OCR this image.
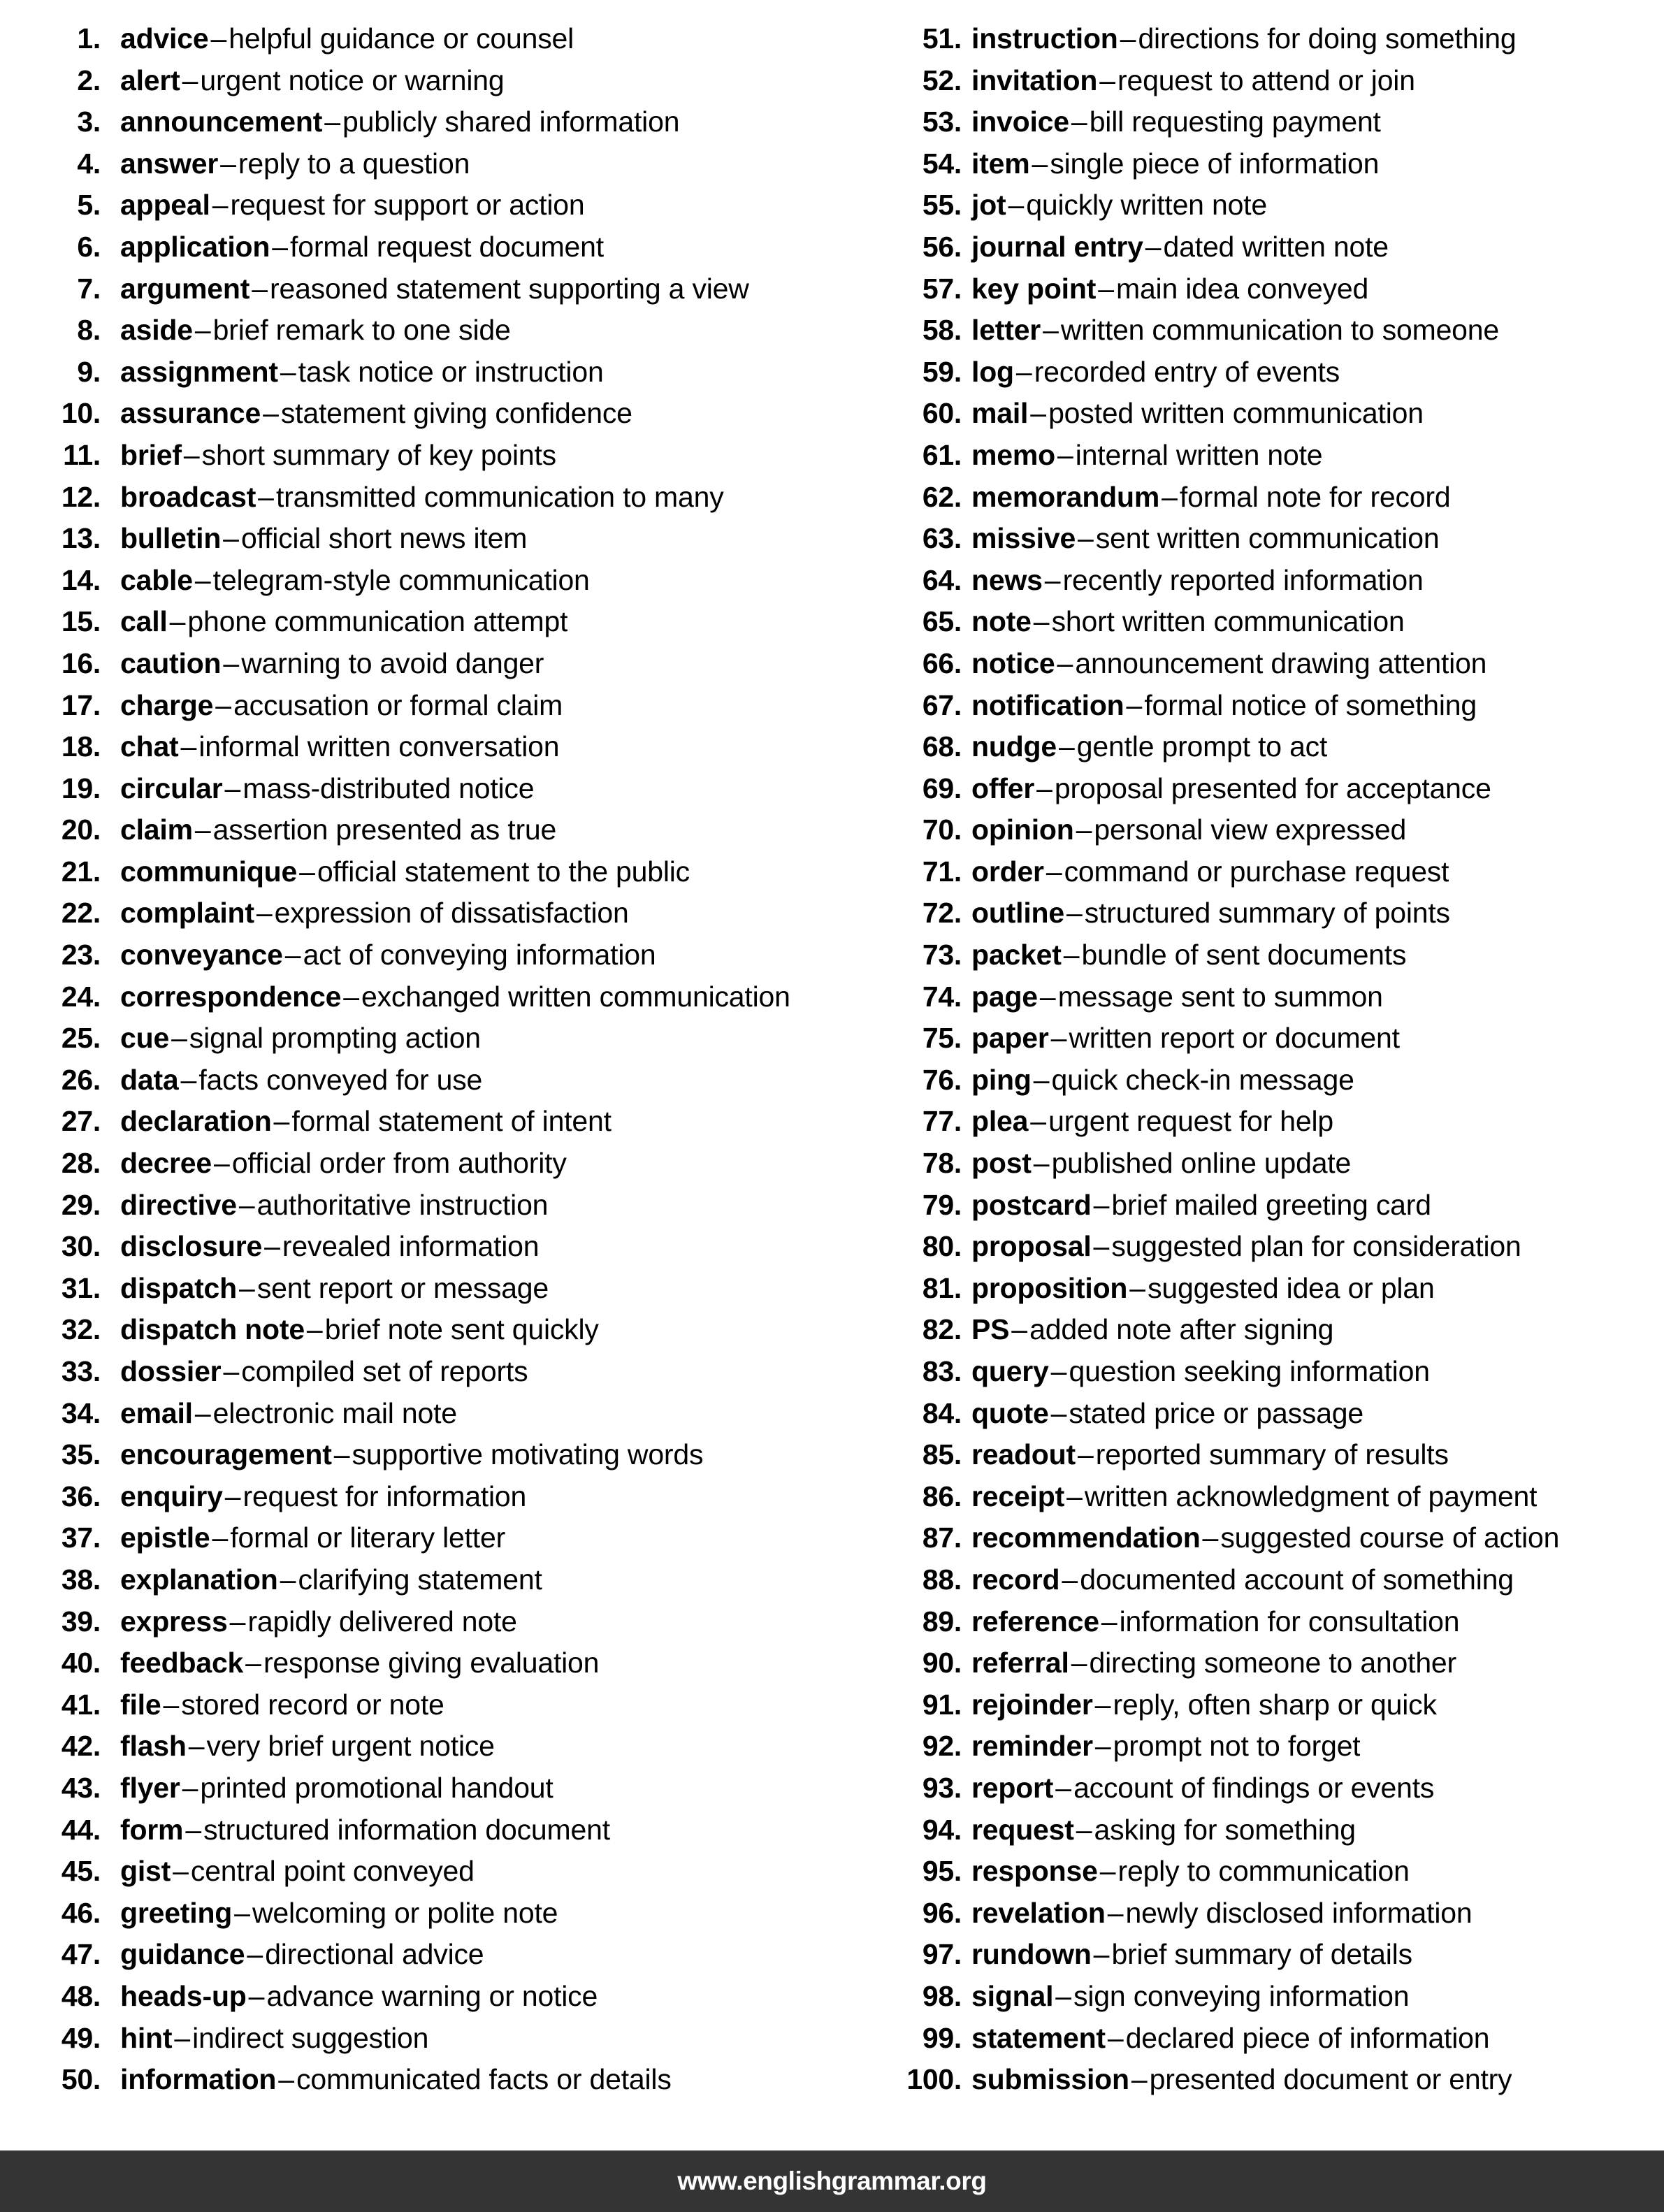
1. advice–helpful guidance or counsel
2. alert–urgent notice or warning
3. announcement–publicly shared information
4. answer–reply to a question
5. appeal–request for support or action
6. application–formal request document
7. argument–reasoned statement supporting a view
8. aside–brief remark to one side
9. assignment–task notice or instruction
10. assurance–statement giving confidence
11. brief–short summary of key points
12. broadcast–transmitted communication to many
13. bulletin–official short news item
14. cable–telegram-style communication
15. call–phone communication attempt
16. caution–warning to avoid danger
17. charge–accusation or formal claim
18. chat–informal written conversation
19. circular–mass-distributed notice
20. claim–assertion presented as true
21. communique–official statement to the public
22. complaint–expression of dissatisfaction
23. conveyance–act of conveying information
24. correspondence–exchanged written communication
25. cue–signal prompting action
26. data–facts conveyed for use
27. declaration–formal statement of intent
28. decree–official order from authority
29. directive–authoritative instruction
30. disclosure–revealed information
31. dispatch–sent report or message
32. dispatch note–brief note sent quickly
33. dossier–compiled set of reports
34. email–electronic mail note
35. encouragement–supportive motivating words
36. enquiry–request for information
37. epistle–formal or literary letter
38. explanation–clarifying statement
39. express–rapidly delivered note
40. feedback–response giving evaluation
41. file–stored record or note
42. flash–very brief urgent notice
43. flyer–printed promotional handout
44. form–structured information document
45. gist–central point conveyed
46. greeting–welcoming or polite note
47. guidance–directional advice
48. heads-up–advance warning or notice
49. hint–indirect suggestion
50. information–communicated facts or details
51. instruction–directions for doing something
52. invitation–request to attend or join
53. invoice–bill requesting payment
54. item–single piece of information
55. jot–quickly written note
56. journal entry–dated written note
57. key point–main idea conveyed
58. letter–written communication to someone
59. log–recorded entry of events
60. mail–posted written communication
61. memo–internal written note
62. memorandum–formal note for record
63. missive–sent written communication
64. news–recently reported information
65. note–short written communication
66. notice–announcement drawing attention
67. notification–formal notice of something
68. nudge–gentle prompt to act
69. offer–proposal presented for acceptance
70. opinion–personal view expressed
71. order–command or purchase request
72. outline–structured summary of points
73. packet–bundle of sent documents
74. page–message sent to summon
75. paper–written report or document
76. ping–quick check-in message
77. plea–urgent request for help
78. post–published online update
79. postcard–brief mailed greeting card
80. proposal–suggested plan for consideration
81. proposition–suggested idea or plan
82. PS–added note after signing
83. query–question seeking information
84. quote–stated price or passage
85. readout–reported summary of results
86. receipt–written acknowledgment of payment
87. recommendation–suggested course of action
88. record–documented account of something
89. reference–information for consultation
90. referral–directing someone to another
91. rejoinder–reply, often sharp or quick
92. reminder–prompt not to forget
93. report–account of findings or events
94. request–asking for something
95. response–reply to communication
96. revelation–newly disclosed information
97. rundown–brief summary of details
98. signal–sign conveying information
99. statement–declared piece of information
100. submission–presented document or entry
www.englishgrammar.org
